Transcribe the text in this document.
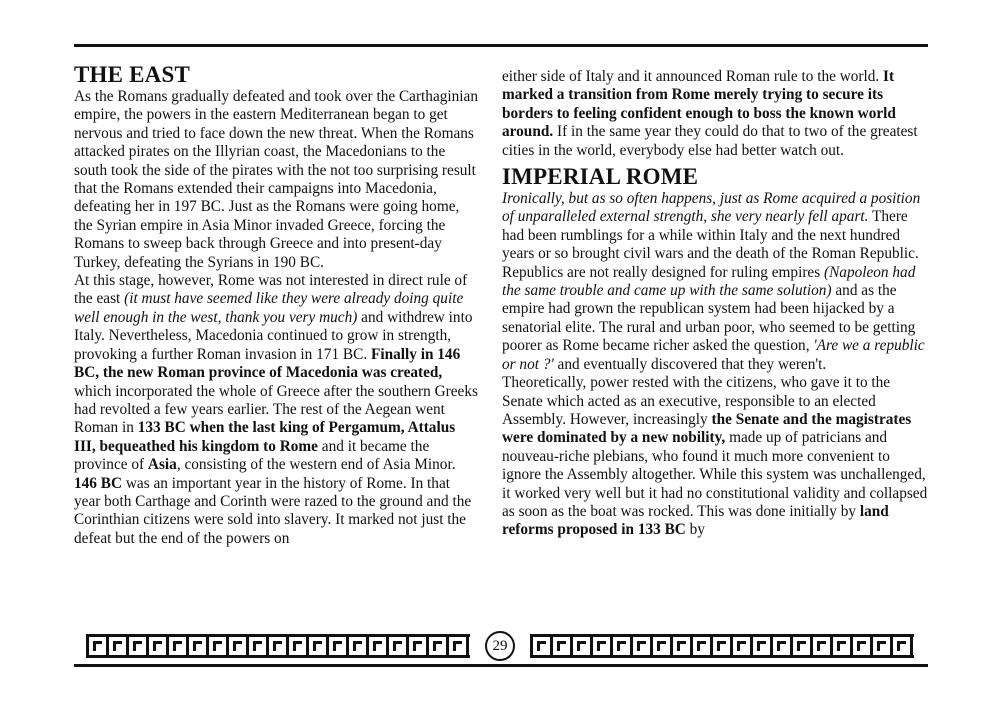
THE EAST

As the Romans gradually defeated and took over the Carthaginian empire, the powers in the eastern Mediterranean began to get nervous and tried to face down the new threat. When the Romans attacked pirates on the Illyrian coast, the Macedonians to the south took the side of the pirates with the not too surprising result that the Romans extended their campaigns into Macedonia, defeating her in 197 BC. Just as the Romans were going home, the Syrian empire in Asia Minor invaded Greece, forcing the Romans to sweep back through Greece and into present-day Turkey, defeating the Syrians in 190 BC.

At this stage, however, Rome was not interested in direct rule of the east (it must have seemed like they were already doing quite well enough in the west, thank you very much) and withdrew into Italy. Nevertheless, Macedonia continued to grow in strength, provoking a further Roman invasion in 171 BC. Finally in 146 BC, the new Roman province of Macedonia was created, which incorporated the whole of Greece after the southern Greeks had revolted a few years earlier. The rest of the Aegean went Roman in 133 BC when the last king of Pergamum, Attalus III, bequeathed his kingdom to Rome and it became the province of Asia, consisting of the western end of Asia Minor.

146 BC was an important year in the history of Rome. In that year both Carthage and Corinth were razed to the ground and the Corinthian citizens were sold into slavery. It marked not just the defeat but the end of the powers on

either side of Italy and it announced Roman rule to the world. It marked a transition from Rome merely trying to secure its borders to feeling confident enough to boss the known world around. If in the same year they could do that to two of the greatest cities in the world, everybody else had better watch out.

IMPERIAL ROME

Ironically, but as so often happens, just as Rome acquired a position of unparalleled external strength, she very nearly fell apart. There had been rumblings for a while within Italy and the next hundred years or so brought civil wars and the death of the Roman Republic. Republics are not really designed for ruling empires (Napoleon had the same trouble and came up with the same solution) and as the empire had grown the republican system had been hijacked by a senatorial elite. The rural and urban poor, who seemed to be getting poorer as Rome became richer asked the question, 'Are we a republic or not ?' and eventually discovered that they weren't.

Theoretically, power rested with the citizens, who gave it to the Senate which acted as an executive, responsible to an elected Assembly. However, increasingly the Senate and the magistrates were dominated by a new nobility, made up of patricians and nouveau-riche plebians, who found it much more convenient to ignore the Assembly altogether. While this system was unchallenged, it worked very well but it had no constitutional validity and collapsed as soon as the boat was rocked. This was done initially by land reforms proposed in 133 BC by

29
